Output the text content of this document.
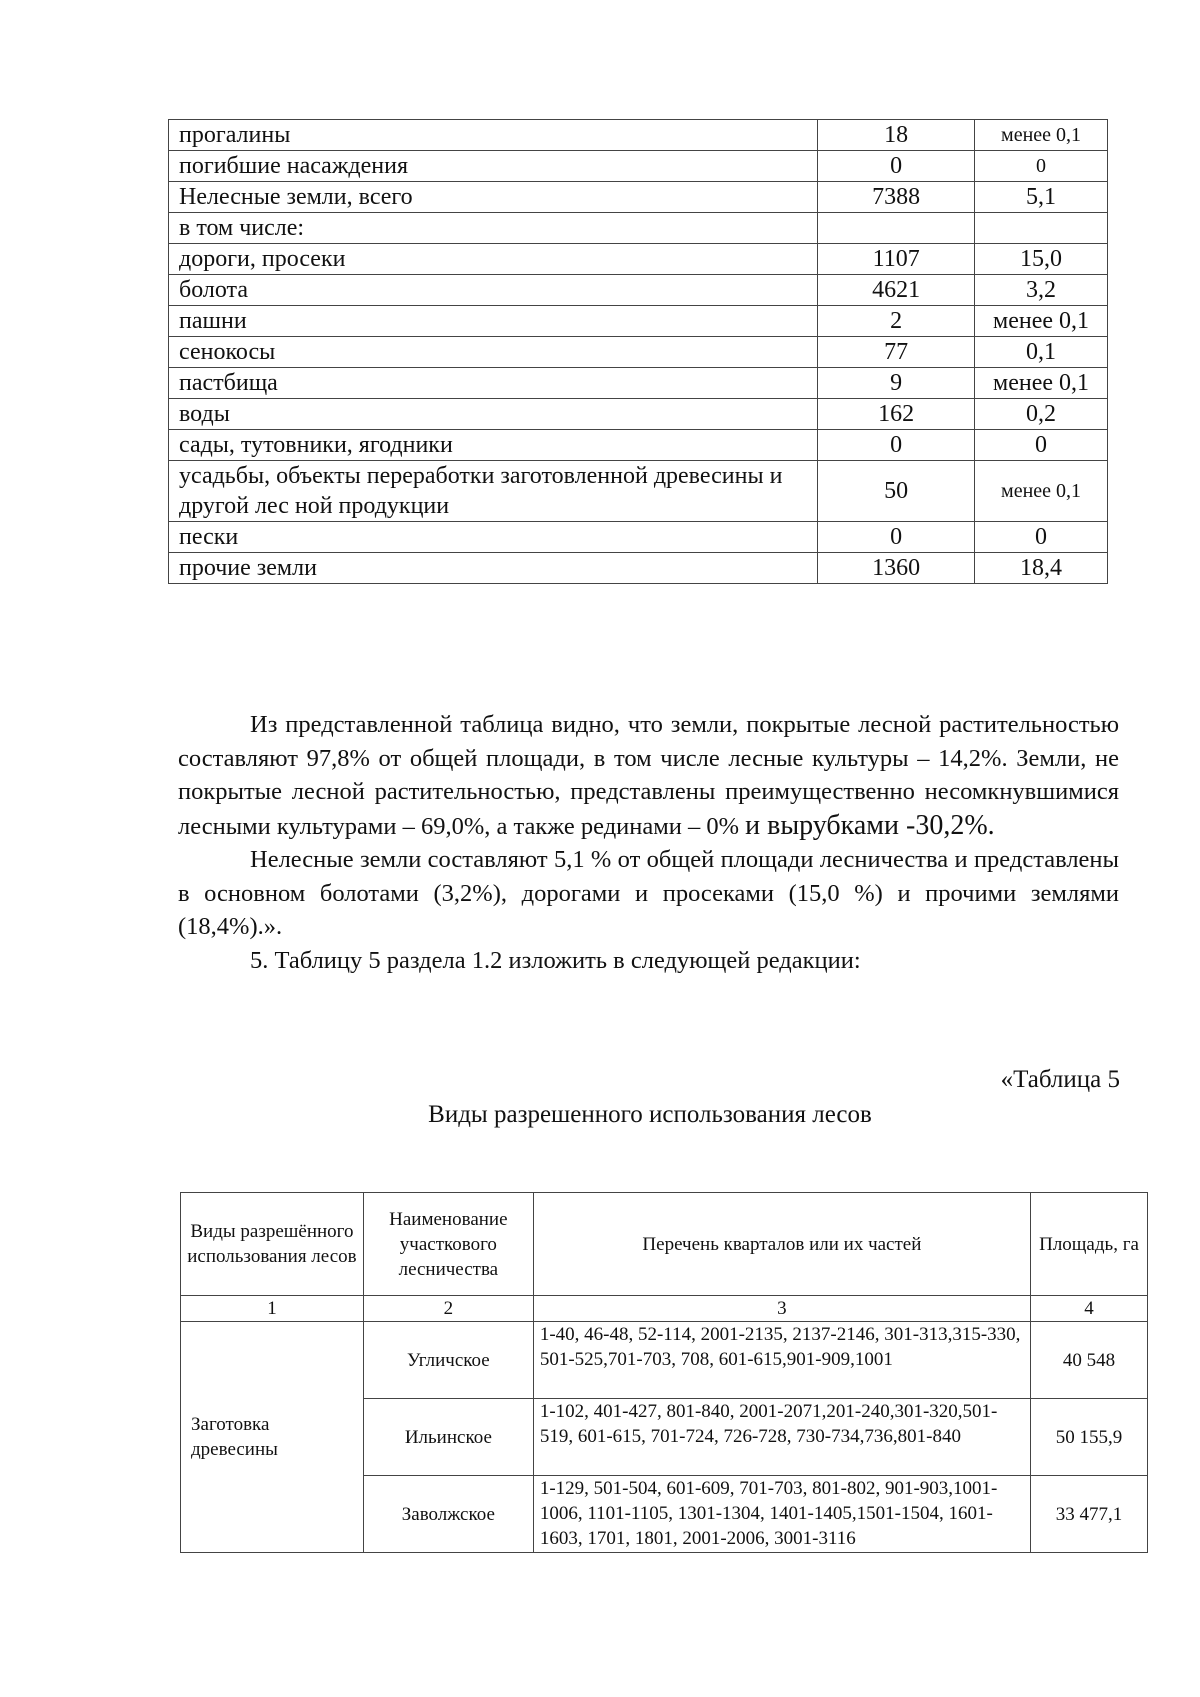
прогалины	18	менее 0,1
погибшие насаждения	0	0
Нелесные земли, всего	7388	5,1
в том числе:		
дороги, просеки	1107	15,0
болота	4621	3,2
пашни	2	менее 0,1
сенокосы	77	0,1
пастбища	9	менее 0,1
воды	162	0,2
сады, тутовники, ягодники	0	0
усадьбы, объекты переработки заготовленной древесины и другой лес ной продукции	50	менее 0,1
пески	0	0
прочие земли	1360	18,4

Из представленной таблица видно, что земли, покрытые лесной растительностью составляют 97,8% от общей площади, в том числе лесные культуры – 14,2%. Земли, не покрытые лесной растительностью, представлены преимущественно несомкнувшимися лесными культурами – 69,0%, а также рединами – 0% и вырубками -30,2%.

Нелесные земли составляют 5,1 % от общей площади лесничества и представлены в основном болотами (3,2%), дорогами и просеками (15,0 %) и прочими землями (18,4%).».

5. Таблицу 5 раздела 1.2 изложить в следующей редакции:

«Таблица 5
Виды разрешенного использования лесов
Виды разрешённого использования лесов	Наименование участкового лесничества	Перечень кварталов или их частей	Площадь, га
1	2	3	4
Заготовка древесины	Угличское	1-40, 46-48, 52-114, 2001-2135, 2137-2146, 301-313,315-330, 501-525,701-703, 708, 601-615,901-909,1001	40 548
	Ильинское	1-102, 401-427, 801-840, 2001-2071,201-240,301-320,501-519, 601-615, 701-724, 726-728, 730-734,736,801-840	50 155,9
	Заволжское	1-129, 501-504, 601-609, 701-703, 801-802, 901-903,1001-1006, 1101-1105, 1301-1304, 1401-1405,1501-1504, 1601-1603, 1701, 1801, 2001-2006, 3001-3116	33 477,1
